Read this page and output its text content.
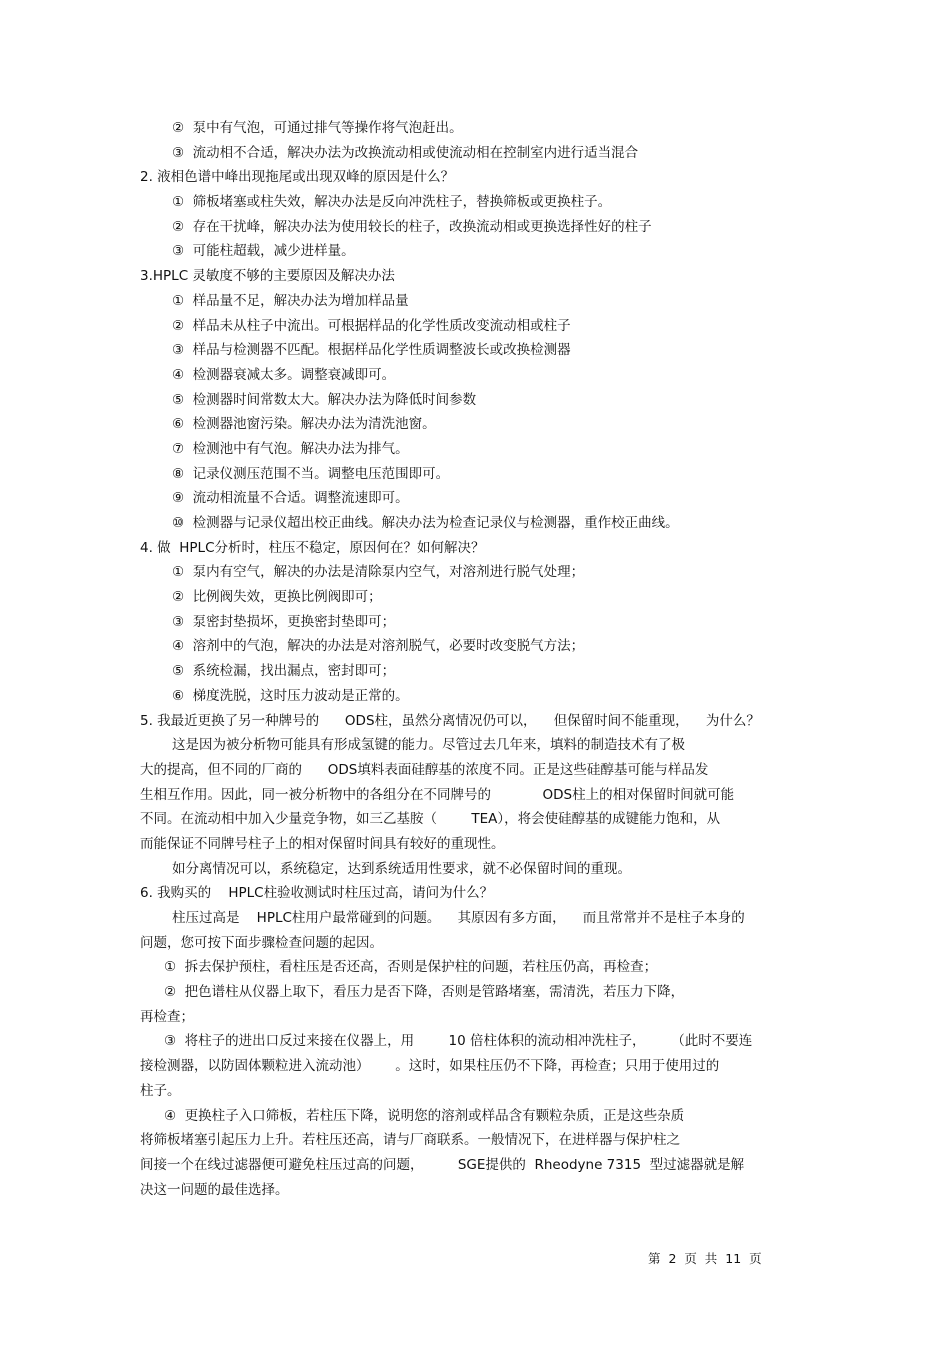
②  泵中有气泡，可通过排气等操作将气泡赶出。
③  流动相不合适，解决办法为改换流动相或使流动相在控制室内进行适当混合
2. 液相色谱中峰出现拖尾或出现双峰的原因是什么？
①  筛板堵塞或柱失效，解决办法是反向冲洗柱子，替换筛板或更换柱子。
②  存在干扰峰，解决办法为使用较长的柱子，改换流动相或更换选择性好的柱子
③  可能柱超载，减少进样量。
3.HPLC 灵敏度不够的主要原因及解决办法
①  样品量不足，解决办法为增加样品量
②  样品未从柱子中流出。可根据样品的化学性质改变流动相或柱子
③  样品与检测器不匹配。根据样品化学性质调整波长或改换检测器
④  检测器衰减太多。调整衰减即可。
⑤  检测器时间常数太大。解决办法为降低时间参数
⑥  检测器池窗污染。解决办法为清洗池窗。
⑦  检测池中有气泡。解决办法为排气。
⑧  记录仪测压范围不当。调整电压范围即可。
⑨  流动相流量不合适。调整流速即可。
⑩  检测器与记录仪超出校正曲线。解决办法为检查记录仪与检测器，重作校正曲线。
4. 做  HPLC分析时，柱压不稳定，原因何在？如何解决？
①  泵内有空气，解决的办法是清除泵内空气，对溶剂进行脱气处理；
②  比例阀失效，更换比例阀即可；
③  泵密封垫损坏，更换密封垫即可；
④  溶剂中的气泡，解决的办法是对溶剂脱气，必要时改变脱气方法；
⑤  系统检漏，找出漏点，密封即可；
⑥  梯度洗脱，这时压力波动是正常的。
5. 我最近更换了另一种牌号的      ODS柱，虽然分离情况仍可以，    但保留时间不能重现，    为什么？
这是因为被分析物可能具有形成氢键的能力。尽管过去几年来，填料的制造技术有了极
大的提高，但不同的厂商的      ODS填料表面硅醇基的浓度不同。正是这些硅醇基可能与样品发
生相互作用。因此，同一被分析物中的各组分在不同牌号的            ODS柱上的相对保留时间就可能
不同。在流动相中加入少量竞争物，如三乙基胺（        TEA），将会使硅醇基的成键能力饱和，从
而能保证不同牌号柱子上的相对保留时间具有较好的重现性。
如分离情况可以，系统稳定，达到系统适用性要求，就不必保留时间的重现。
6. 我购买的    HPLC柱验收测试时柱压过高，请问为什么？
柱压过高是    HPLC柱用户最常碰到的问题。    其原因有多方面，    而且常常并不是柱子本身的
问题，您可按下面步骤检查问题的起因。
①  拆去保护预柱，看柱压是否还高，否则是保护柱的问题，若柱压仍高，再检查；
②  把色谱柱从仪器上取下，看压力是否下降，否则是管路堵塞，需清洗，若压力下降，
再检查；
③  将柱子的进出口反过来接在仪器上，用        10 倍柱体积的流动相冲洗柱子，      （此时不要连
接检测器，以防固体颗粒进入流动池）      。这时，如果柱压仍不下降，再检查；只用于使用过的
柱子。
④  更换柱子入口筛板，若柱压下降，说明您的溶剂或样品含有颗粒杂质，正是这些杂质
将筛板堵塞引起压力上升。若柱压还高，请与厂商联系。一般情况下，在进样器与保护柱之
间接一个在线过滤器便可避免柱压过高的问题，        SGE提供的  Rheodyne 7315  型过滤器就是解
决这一问题的最佳选择。
第  2  页  共  11  页
